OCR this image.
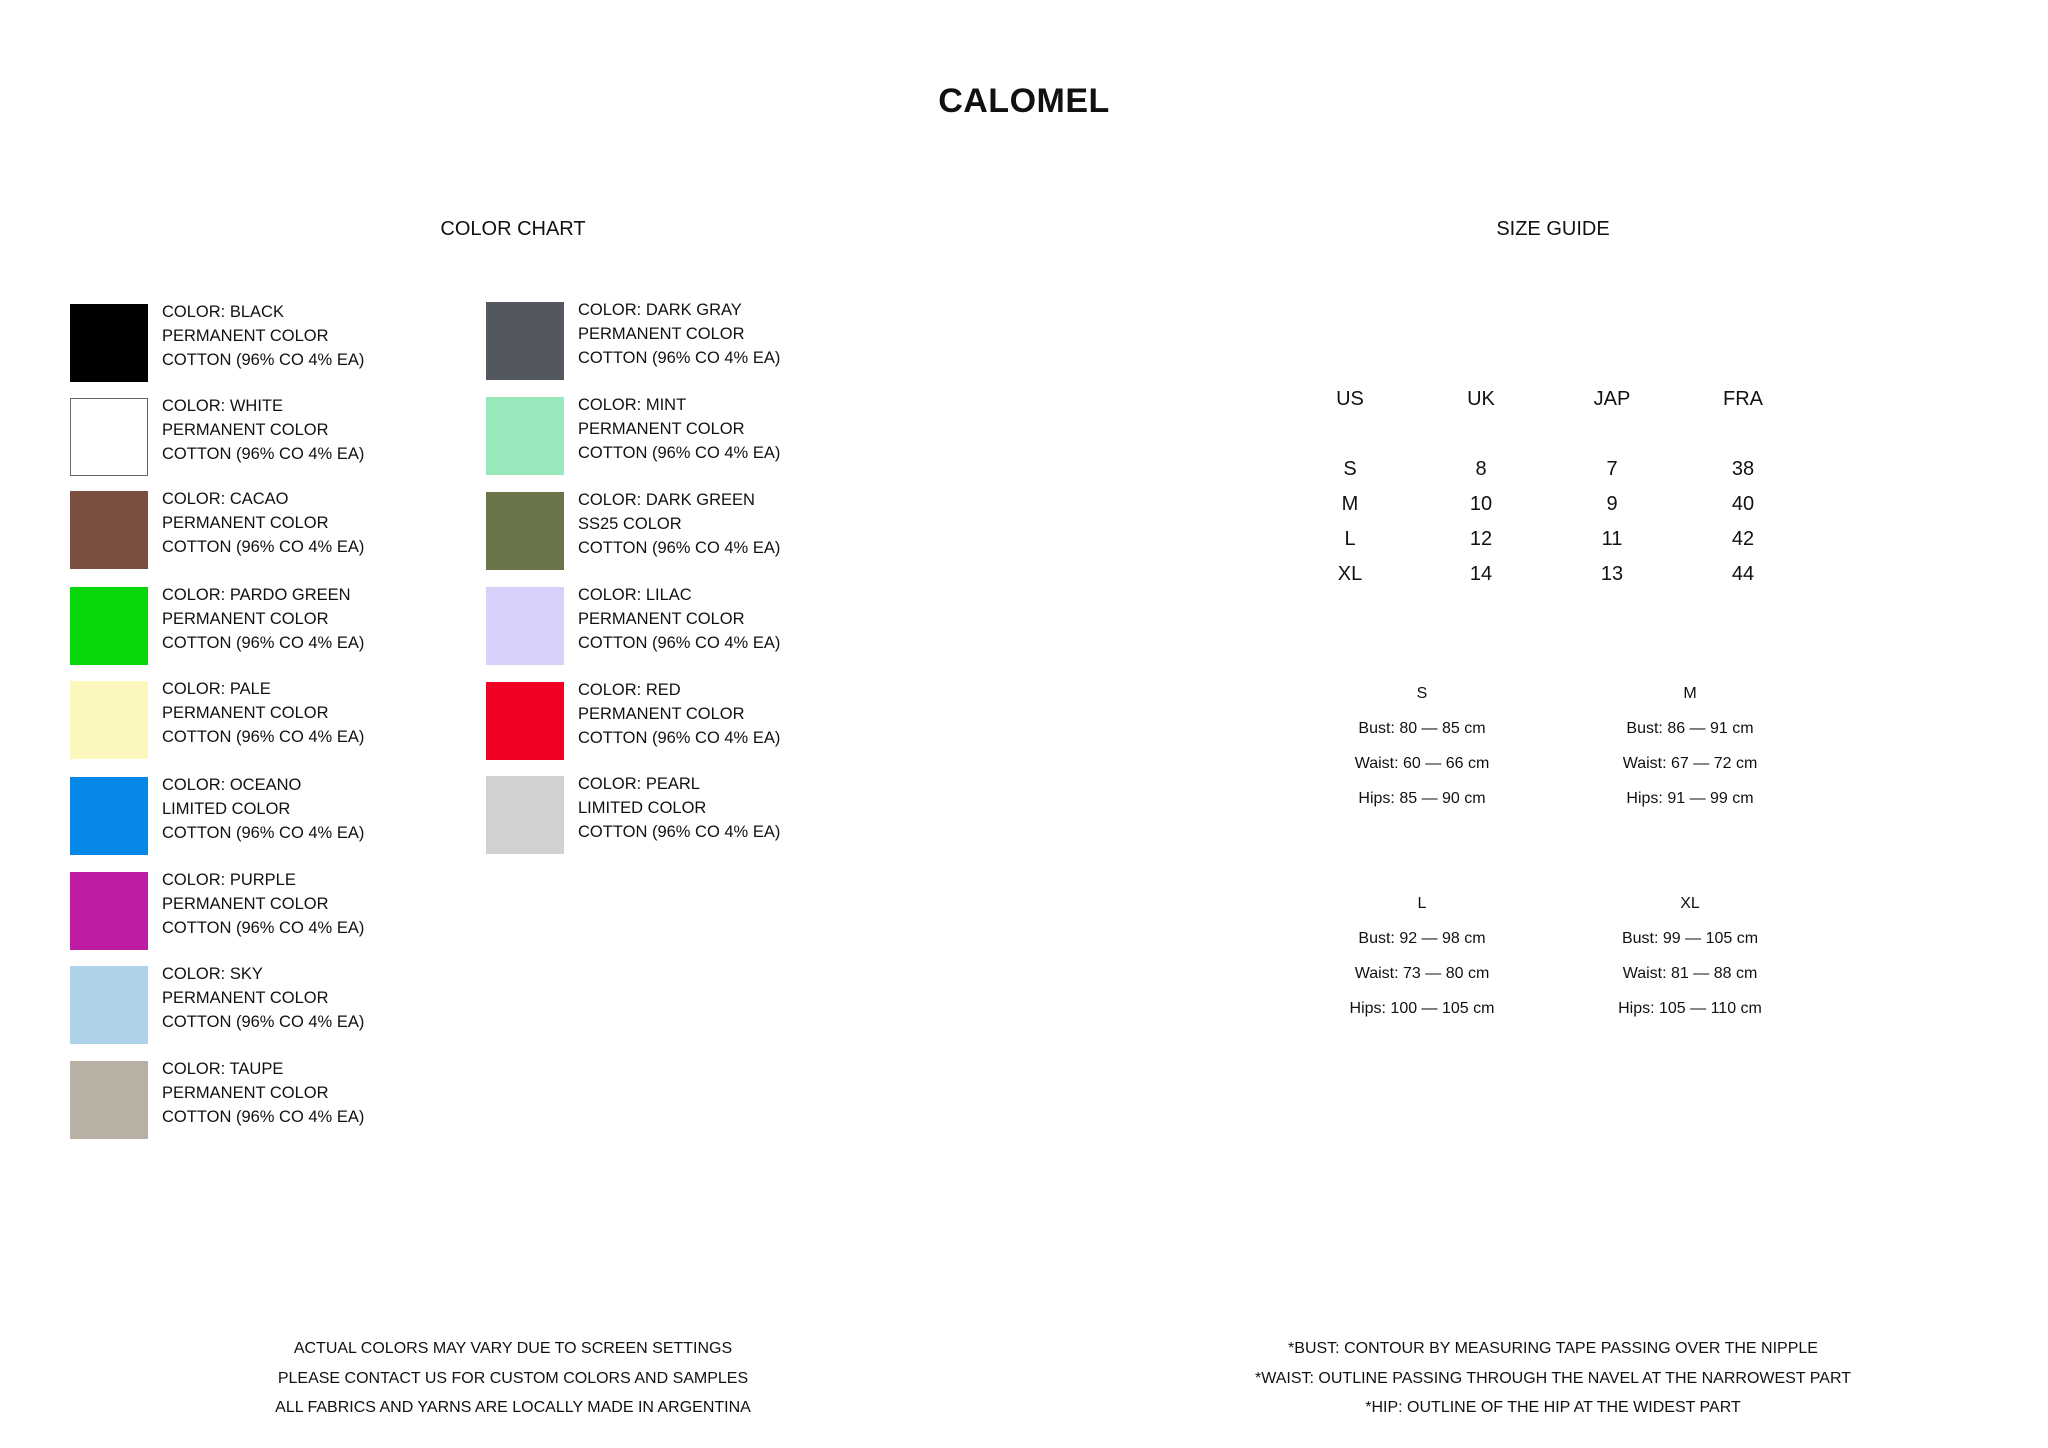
CALOMEL
COLOR CHART	SIZE GUIDE
COLOR: BLACK
PERMANENT COLOR
COTTON (96% CO 4% EA)
COLOR: WHITE
PERMANENT COLOR
COTTON (96% CO 4% EA)
COLOR: CACAO
PERMANENT COLOR
COTTON (96% CO 4% EA)
COLOR: PARDO GREEN
PERMANENT COLOR
COTTON (96% CO 4% EA)
COLOR: PALE
PERMANENT COLOR
COTTON (96% CO 4% EA)
COLOR: OCEANO
LIMITED COLOR
COTTON (96% CO 4% EA)
COLOR: PURPLE
PERMANENT COLOR
COTTON (96% CO 4% EA)
COLOR: SKY
PERMANENT COLOR
COTTON (96% CO 4% EA)
COLOR: TAUPE
PERMANENT COLOR
COTTON (96% CO 4% EA)
COLOR: DARK GRAY
PERMANENT COLOR
COTTON (96% CO 4% EA)
COLOR: MINT
PERMANENT COLOR
COTTON (96% CO 4% EA)
COLOR: DARK GREEN
SS25 COLOR
COTTON (96% CO 4% EA)
COLOR: LILAC
PERMANENT COLOR
COTTON (96% CO 4% EA)
COLOR: RED
PERMANENT COLOR
COTTON (96% CO 4% EA)
COLOR: PEARL
LIMITED COLOR
COTTON (96% CO 4% EA)
US	UK	JAP	FRA
S	8	7	38
M	10	9	40
L	12	11	42
XL	14	13	44
S
Bust: 80 — 85 cm
Waist: 60 — 66 cm
Hips: 85 — 90 cm
M
Bust: 86 — 91 cm
Waist: 67 — 72 cm
Hips: 91 — 99 cm
L
Bust: 92 — 98 cm
Waist: 73 — 80 cm
Hips: 100 — 105 cm
XL
Bust: 99 — 105 cm
Waist: 81 — 88 cm
Hips: 105 — 110 cm
ACTUAL COLORS MAY VARY DUE TO SCREEN SETTINGS
PLEASE CONTACT US FOR CUSTOM COLORS AND SAMPLES
ALL FABRICS AND YARNS ARE LOCALLY MADE IN ARGENTINA
*BUST: CONTOUR BY MEASURING TAPE PASSING OVER THE NIPPLE
*WAIST: OUTLINE PASSING THROUGH THE NAVEL AT THE NARROWEST PART
*HIP: OUTLINE OF THE HIP AT THE WIDEST PART
